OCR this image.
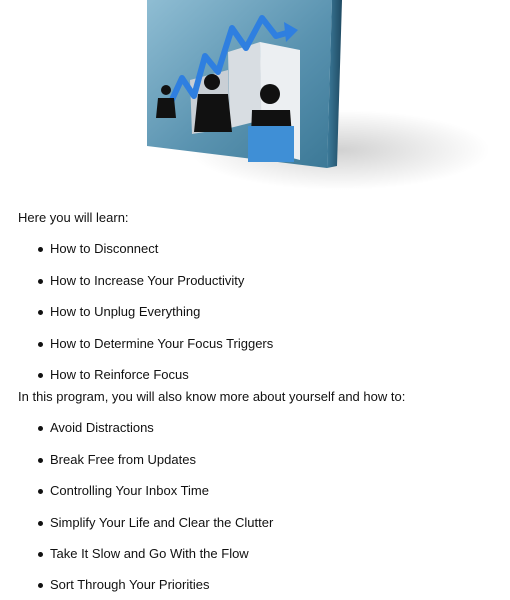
Here you will learn:

How to Disconnect
How to Increase Your Productivity
How to Unplug Everything
How to Determine Your Focus Triggers
How to Reinforce Focus

In this program, you will also know more about yourself and how to:

Avoid Distractions
Break Free from Updates
Controlling Your Inbox Time
Simplify Your Life and Clear the Clutter
Take It Slow and Go With the Flow
Sort Through Your Priorities
